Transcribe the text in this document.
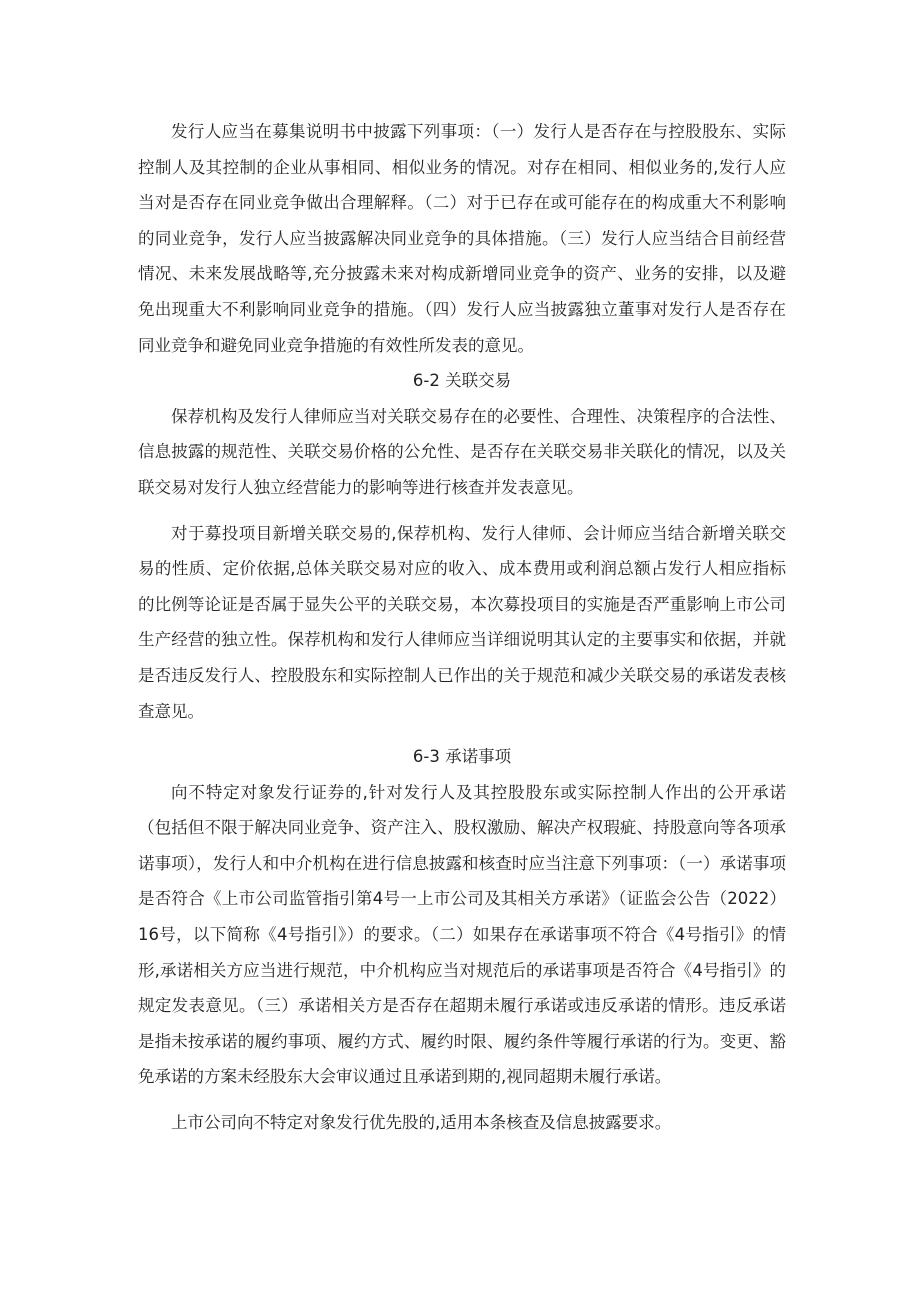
发行人应当在募集说明书中披露下列事项：（一）发行人是否存在与控股股东、实际控制人及其控制的企业从事相同、相似业务的情况。对存在相同、相似业务的,发行人应当对是否存在同业竞争做出合理解释。（二）对于已存在或可能存在的构成重大不利影响的同业竞争，发行人应当披露解决同业竞争的具体措施。（三）发行人应当结合目前经营情况、未来发展战略等,充分披露未来对构成新增同业竞争的资产、业务的安排，以及避免出现重大不利影响同业竞争的措施。（四）发行人应当披露独立董事对发行人是否存在同业竞争和避免同业竞争措施的有效性所发表的意见。

6-2 关联交易

保荐机构及发行人律师应当对关联交易存在的必要性、合理性、决策程序的合法性、信息披露的规范性、关联交易价格的公允性、是否存在关联交易非关联化的情况，以及关联交易对发行人独立经营能力的影响等进行核查并发表意见。

对于募投项目新增关联交易的,保荐机构、发行人律师、会计师应当结合新增关联交易的性质、定价依据,总体关联交易对应的收入、成本费用或利润总额占发行人相应指标的比例等论证是否属于显失公平的关联交易，本次募投项目的实施是否严重影响上市公司生产经营的独立性。保荐机构和发行人律师应当详细说明其认定的主要事实和依据，并就是否违反发行人、控股股东和实际控制人已作出的关于规范和减少关联交易的承诺发表核查意见。

6-3 承诺事项

向不特定对象发行证券的,针对发行人及其控股股东或实际控制人作出的公开承诺（包括但不限于解决同业竞争、资产注入、股权激励、解决产权瑕疵、持股意向等各项承诺事项），发行人和中介机构在进行信息披露和核查时应当注意下列事项：（一）承诺事项是否符合《上市公司监管指引第4号一上市公司及其相关方承诺》（证监会公告（2022）16号，以下简称《4号指引》）的要求。（二）如果存在承诺事项不符合《4号指引》的情形,承诺相关方应当进行规范，中介机构应当对规范后的承诺事项是否符合《4号指引》的规定发表意见。（三）承诺相关方是否存在超期未履行承诺或违反承诺的情形。违反承诺是指未按承诺的履约事项、履约方式、履约时限、履约条件等履行承诺的行为。变更、豁免承诺的方案未经股东大会审议通过且承诺到期的,视同超期未履行承诺。

上市公司向不特定对象发行优先股的,适用本条核查及信息披露要求。
